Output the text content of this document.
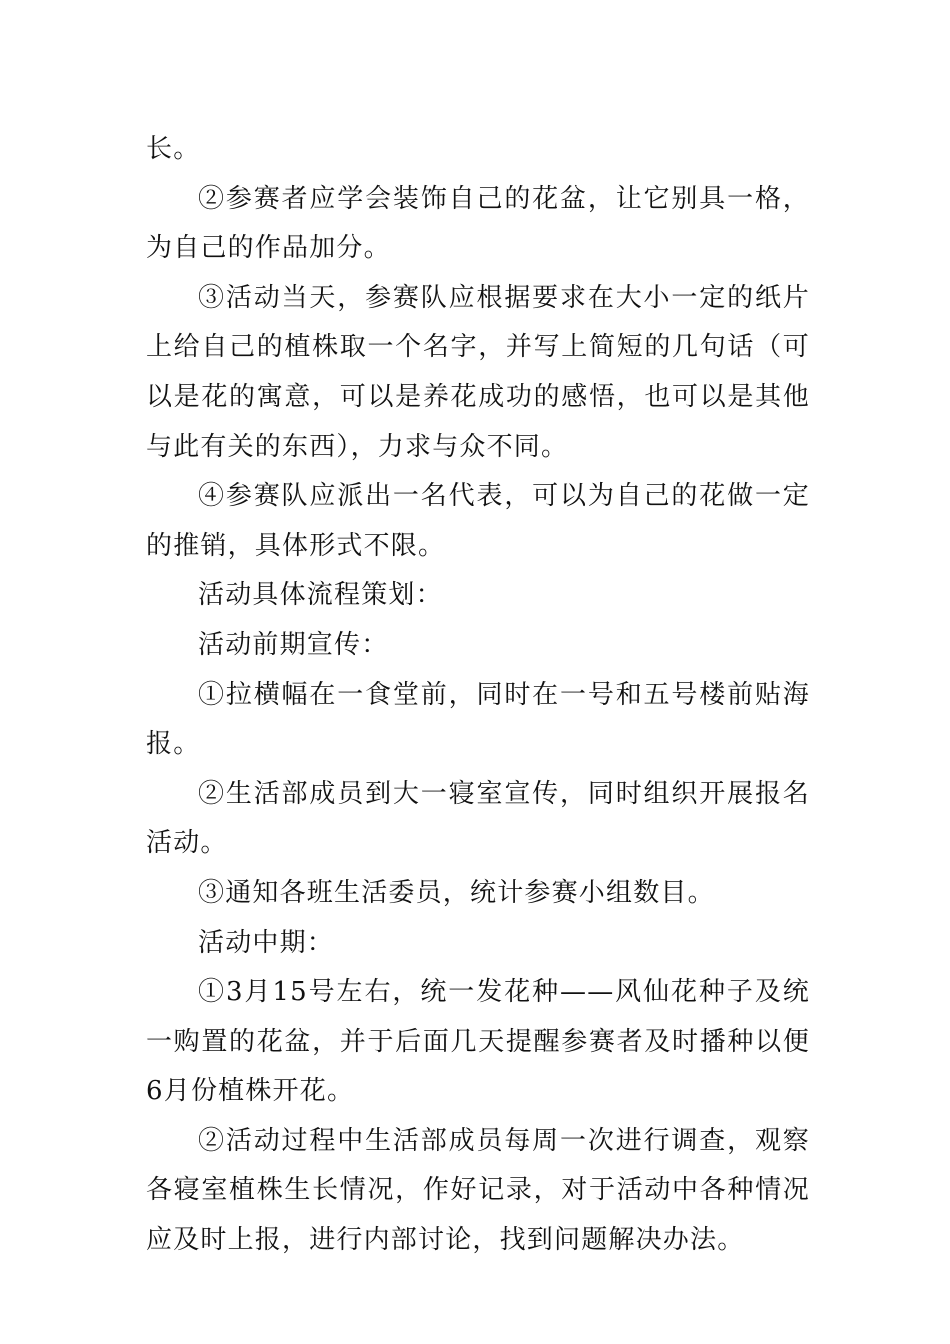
长。

②参赛者应学会装饰自己的花盆，让它别具一格，为自己的作品加分。

③活动当天，参赛队应根据要求在大小一定的纸片上给自己的植株取一个名字，并写上简短的几句话（可以是花的寓意，可以是养花成功的感悟，也可以是其他与此有关的东西），力求与众不同。

④参赛队应派出一名代表，可以为自己的花做一定的推销，具体形式不限。

活动具体流程策划：

活动前期宣传：

①拉横幅在一食堂前，同时在一号和五号楼前贴海报。

②生活部成员到大一寝室宣传，同时组织开展报名活动。

③通知各班生活委员，统计参赛小组数目。

活动中期：

①3月15号左右，统一发花种——风仙花种子及统一购置的花盆，并于后面几天提醒参赛者及时播种以便6月份植株开花。

②活动过程中生活部成员每周一次进行调查，观察各寝室植株生长情况，作好记录，对于活动中各种情况应及时上报，进行内部讨论，找到问题解决办法。
